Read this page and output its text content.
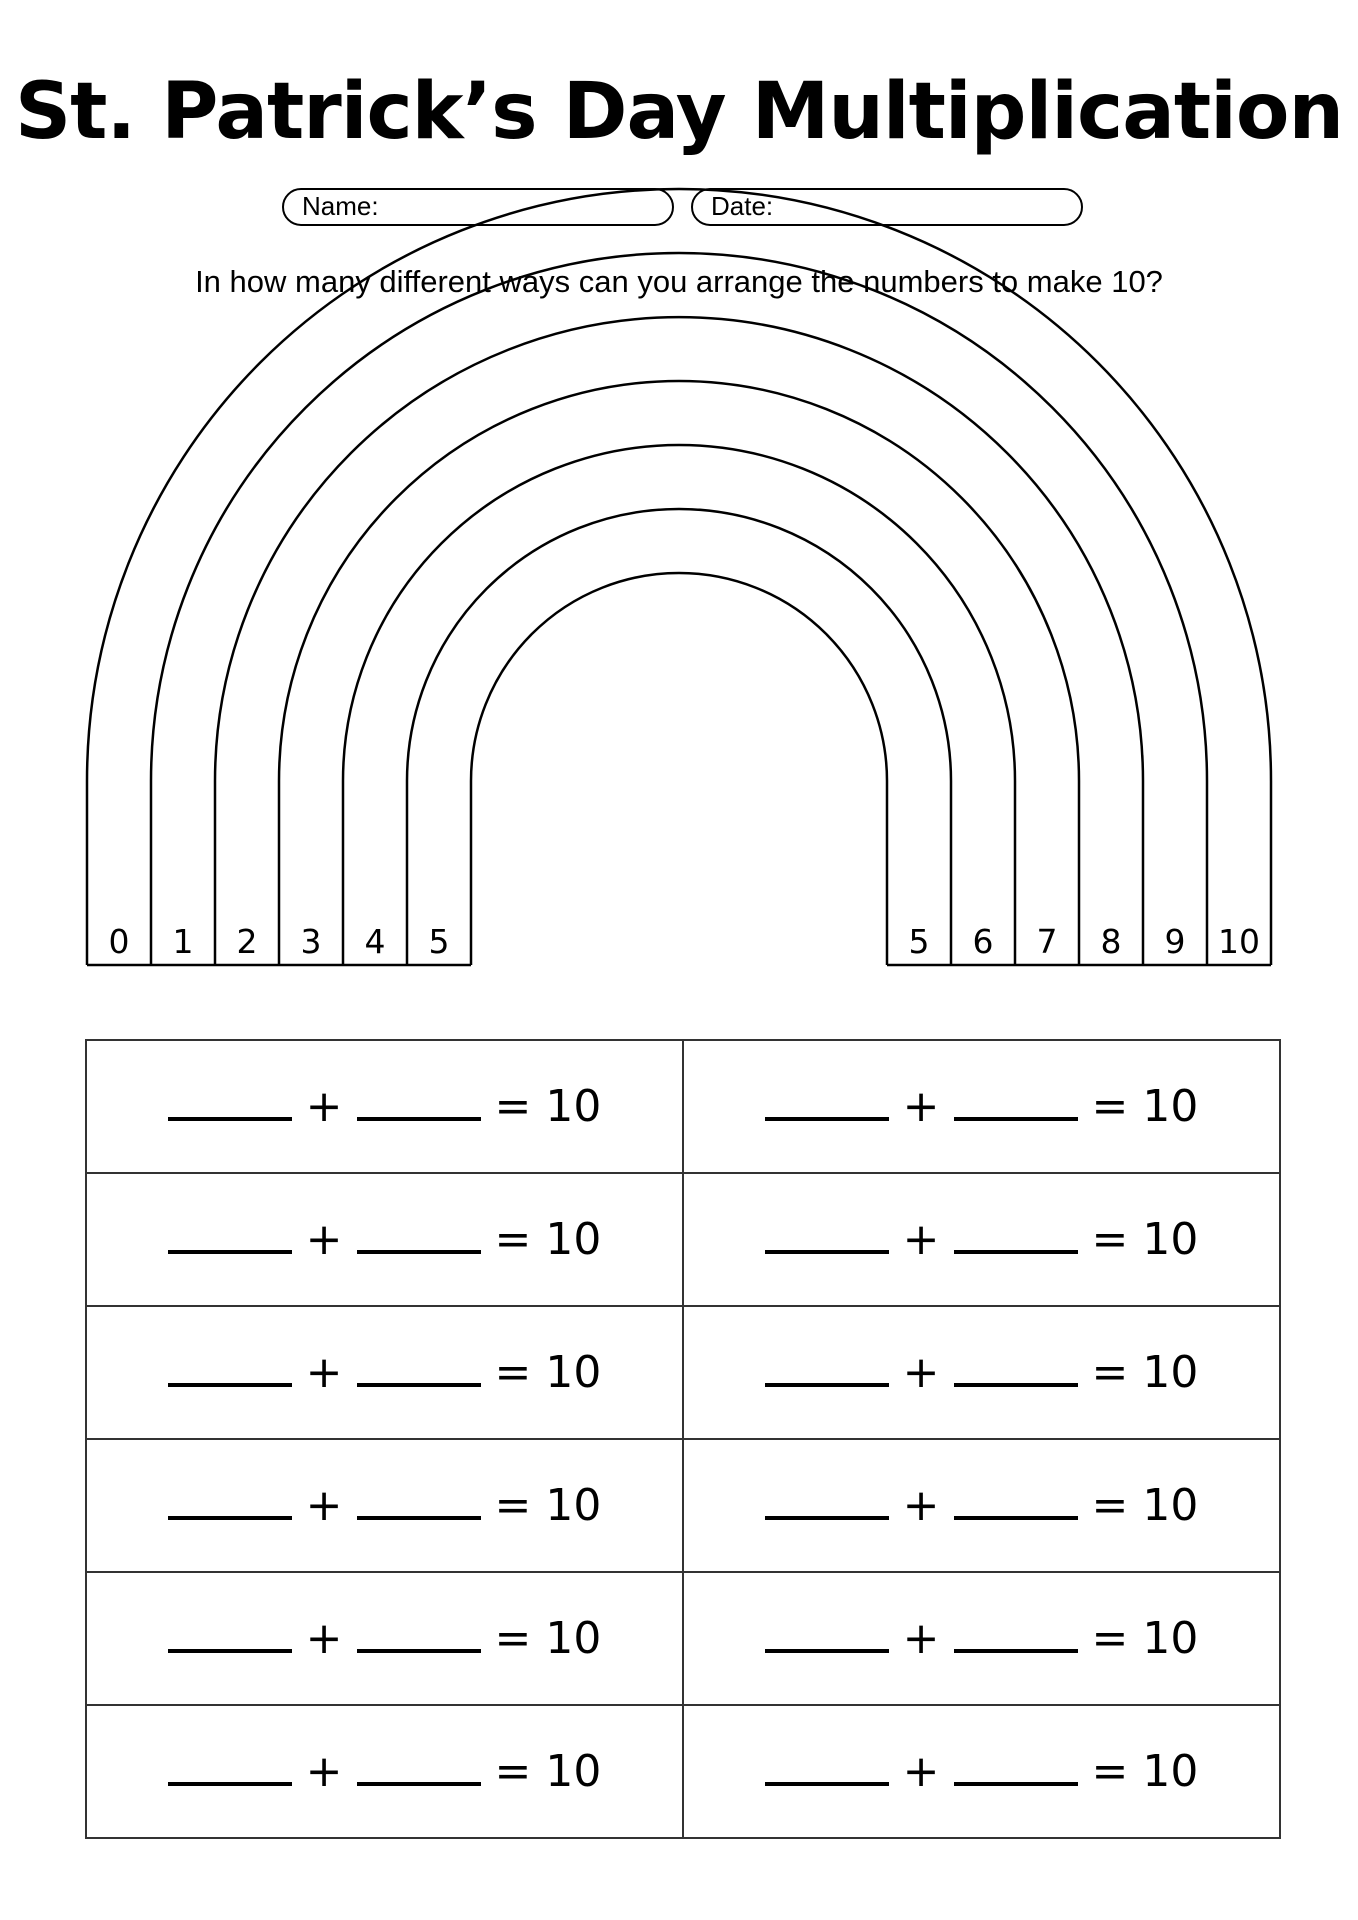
St. Patrick’s Day Multiplication
Name:	Date:
In how many different ways can you arrange the numbers to make 10?
0 1 2 3 4 5	5 6 7 8 9 10
+ = 10	+ = 10
+ = 10	+ = 10
+ = 10	+ = 10
+ = 10	+ = 10
+ = 10	+ = 10
+ = 10	+ = 10
